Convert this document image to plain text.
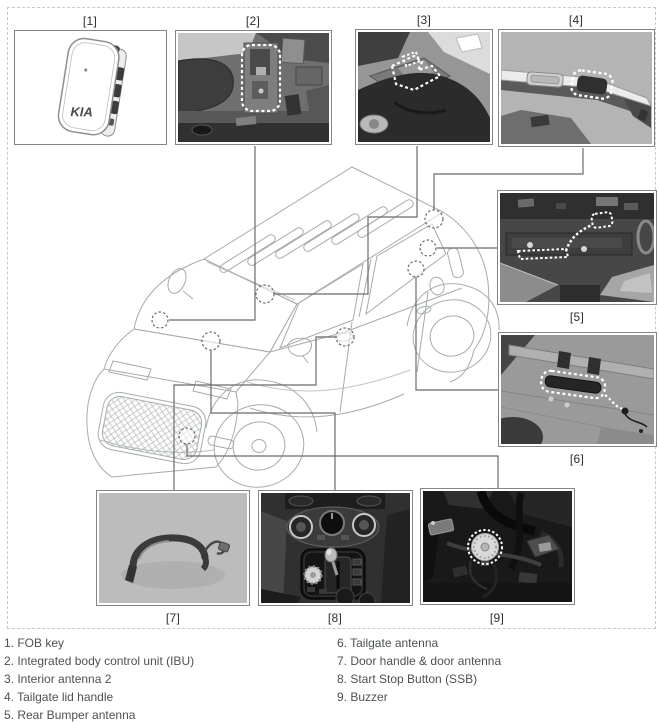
[1]	[2]	[3]	[4]
[5]
[6]
[7]	[8]	[9]
KIA
1. FOB key
2. Integrated body control unit (IBU)
3. Interior antenna 2
4. Tailgate lid handle
5. Rear Bumper antenna
6. Tailgate antenna
7. Door handle & door antenna
8. Start Stop Button (SSB)
9. Buzzer
